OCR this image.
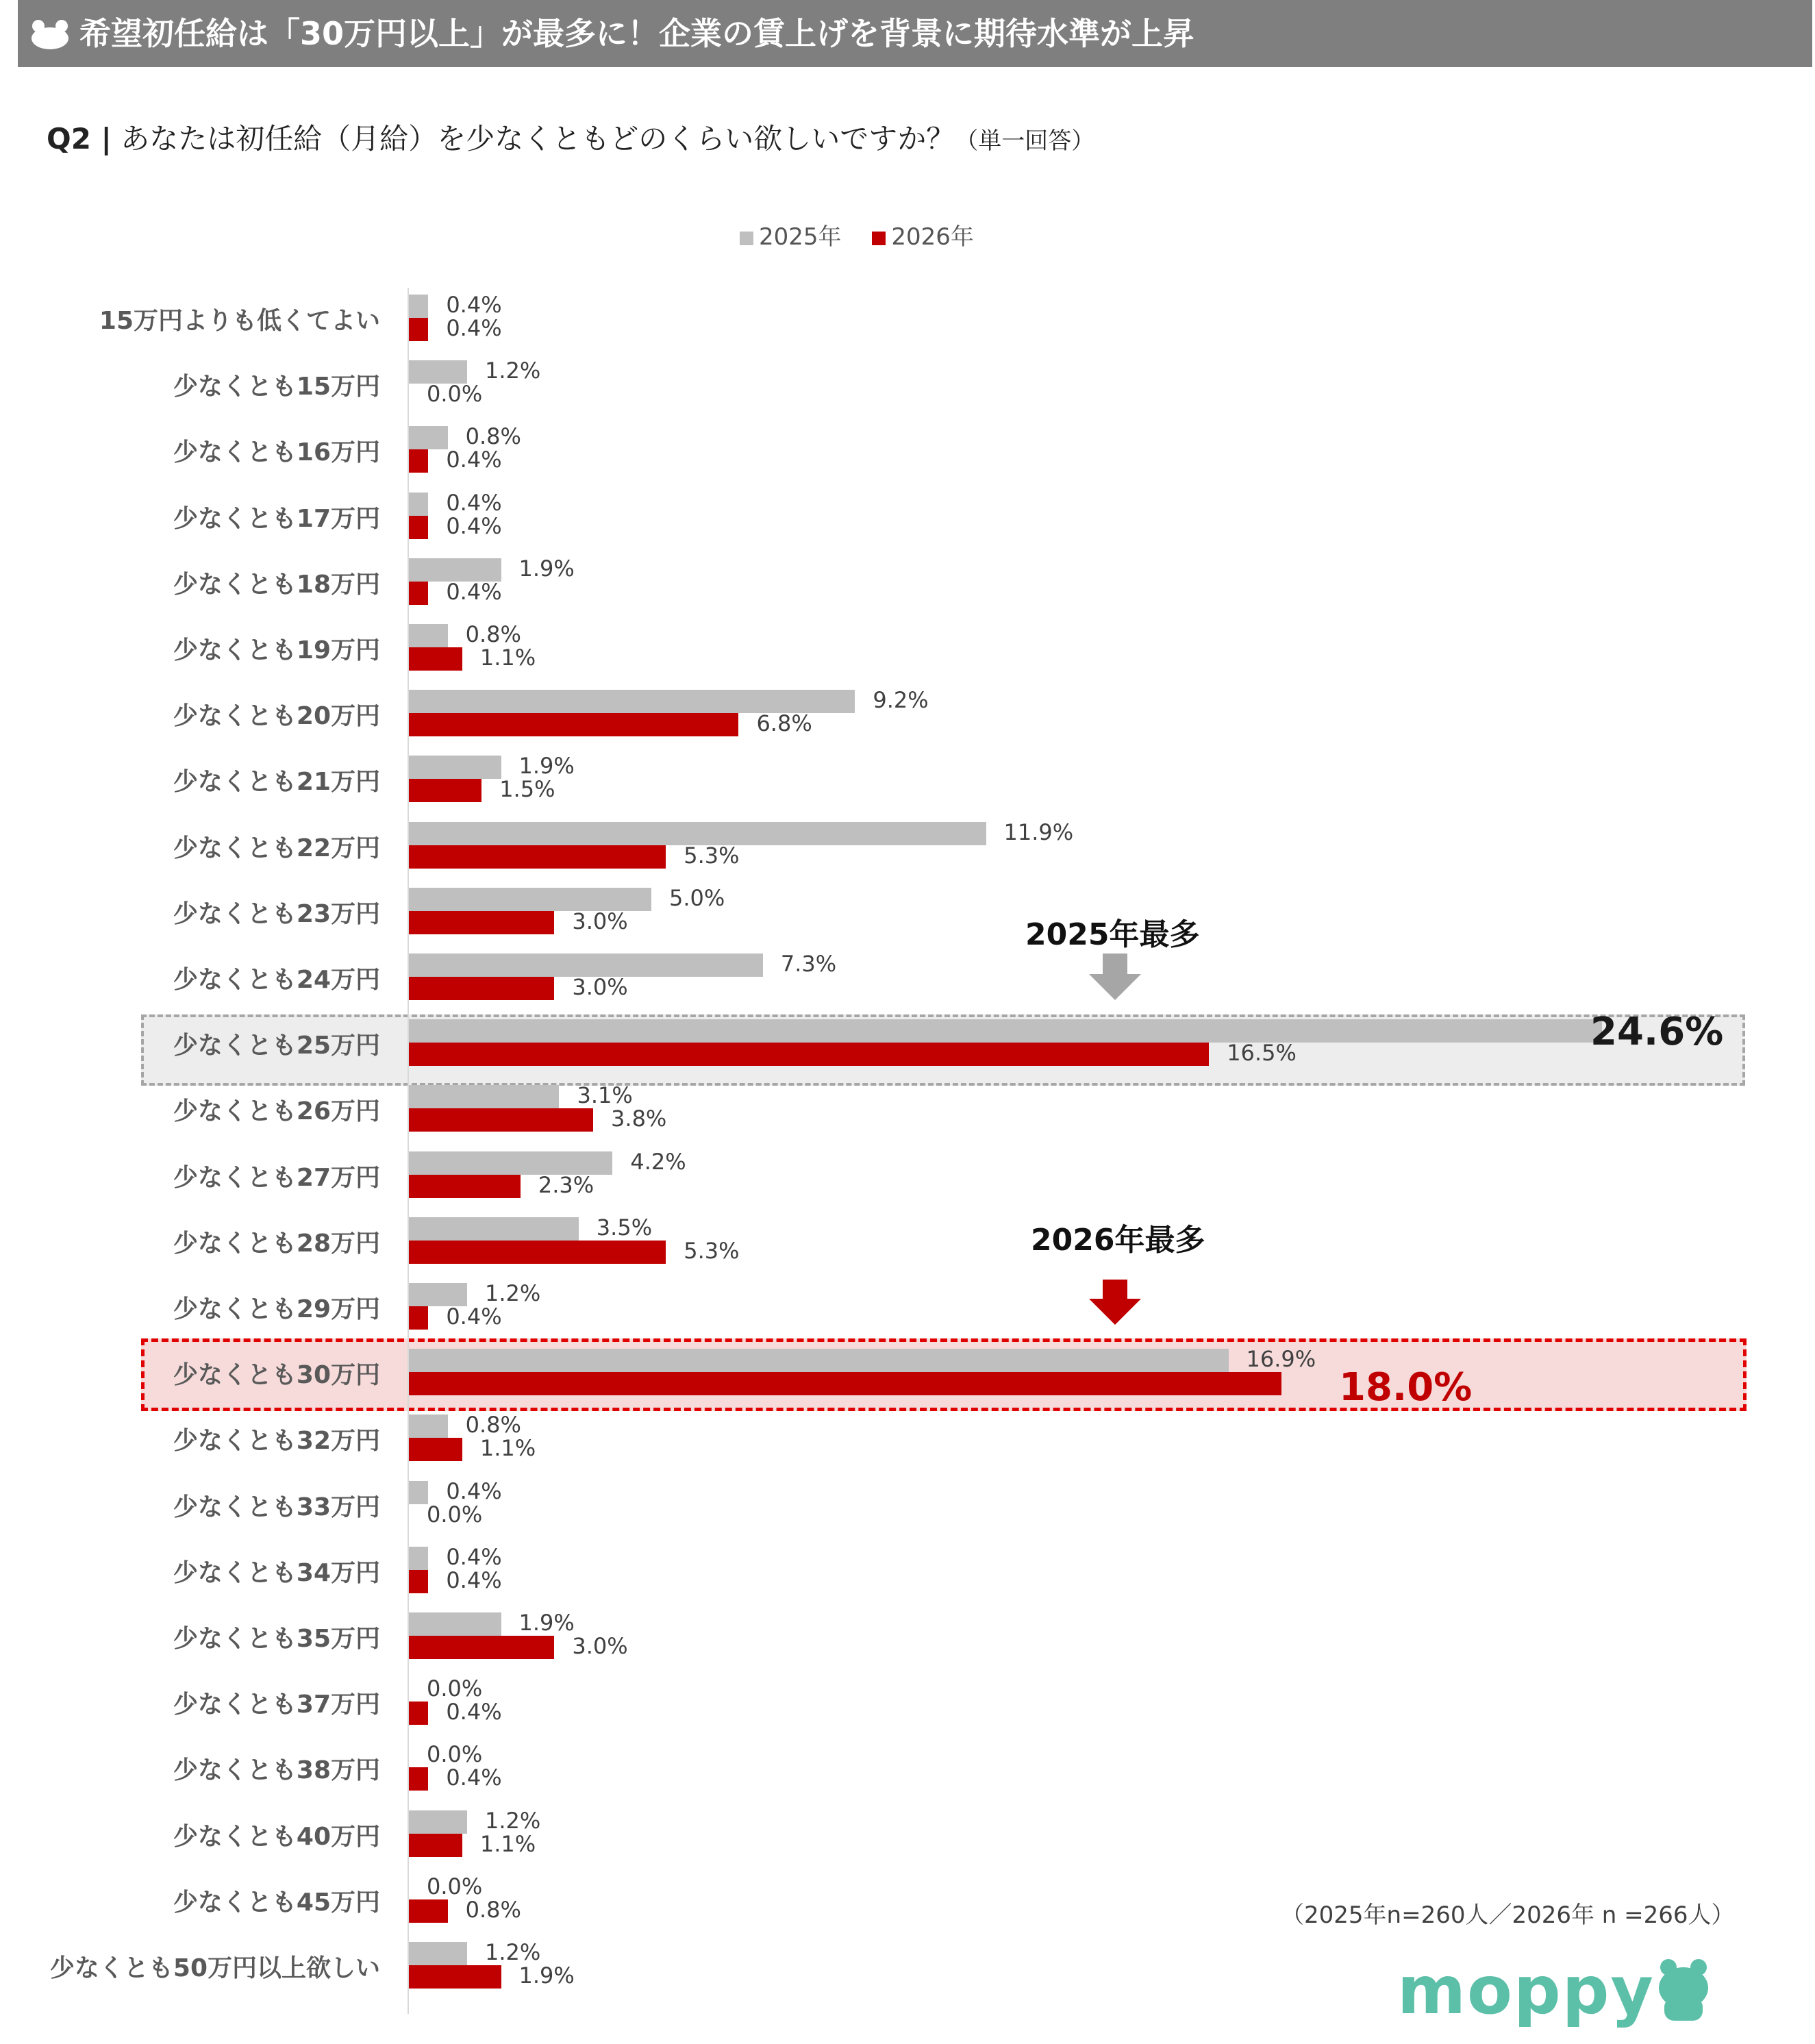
希望初任給は「30万円以上」が最多に！企業の賃上げを背景に期待水準が上昇
Q2 | あなたは初任給（月給）を少なくともどのくらい欲しいですか？（単一回答）
2025年 2026年
15万円よりも低くてよい
0.4%
0.4%
少なくとも15万円
1.2%
0.0%
少なくとも16万円
0.8%
0.4%
少なくとも17万円
0.4%
0.4%
少なくとも18万円
1.9%
0.4%
少なくとも19万円
0.8%
1.1%
少なくとも20万円
9.2%
6.8%
少なくとも21万円
1.9%
1.5%
少なくとも22万円
11.9%
5.3%
少なくとも23万円
5.0%
3.0%
少なくとも24万円
7.3%
3.0%
少なくとも25万円	16.5%
少なくとも26万円
3.1%
3.8%
少なくとも27万円
4.2%
2.3%
少なくとも28万円
3.5%
5.3%
少なくとも29万円
1.2%
0.4%
少なくとも30万円
16.9%
少なくとも32万円
0.8%
1.1%
少なくとも33万円
0.4%
0.0%
少なくとも34万円
0.4%
0.4%
少なくとも35万円
1.9%
3.0%
少なくとも37万円
0.0%
0.4%
少なくとも38万円
0.0%
0.4%
少なくとも40万円
1.2%
1.1%
少なくとも45万円
0.0%
0.8%
少なくとも50万円以上欲しい
1.2%
1.9%
2025年最多
2026年最多
24.6%
18.0%
（2025年n=260人／2026年 n =266人）
moppy
